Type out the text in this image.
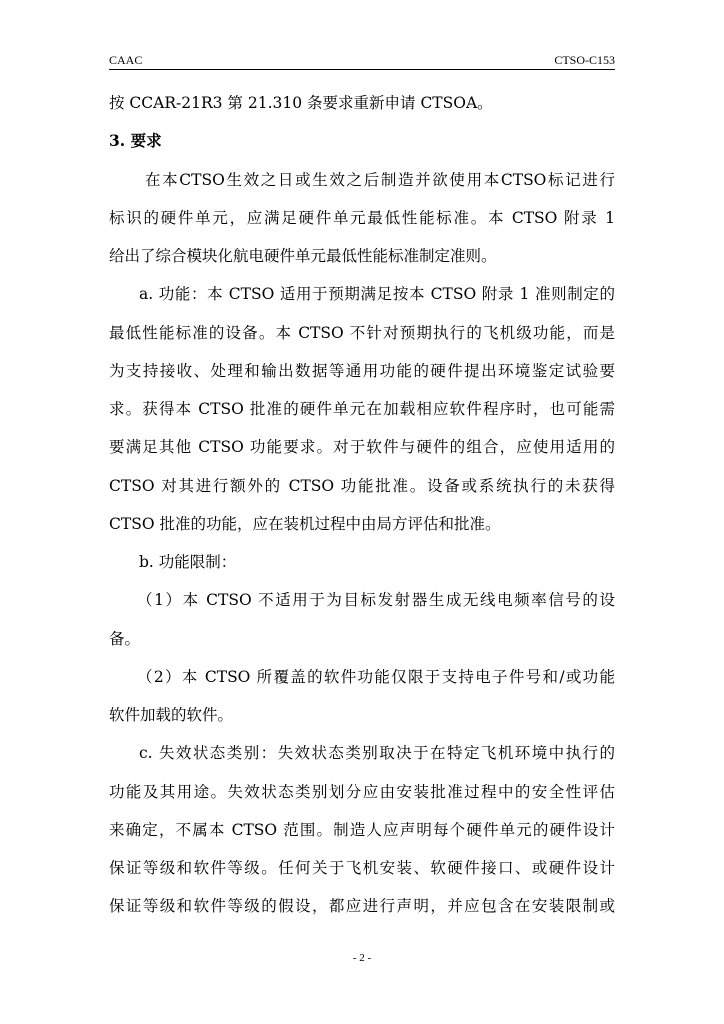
CAAC	CTSO-C153
按 CCAR-21R3 第 21.310 条要求重新申请 CTSOA。
3. 要求
在本CTSO生效之日或生效之后制造并欲使用本CTSO标记进行
标识的硬件单元，应满足硬件单元最低性能标准。本 CTSO 附录 1
给出了综合模块化航电硬件单元最低性能标准制定准则。
a. 功能：本 CTSO 适用于预期满足按本 CTSO 附录 1 准则制定的
最低性能标准的设备。本 CTSO 不针对预期执行的飞机级功能，而是
为支持接收、处理和输出数据等通用功能的硬件提出环境鉴定试验要
求。获得本 CTSO 批准的硬件单元在加载相应软件程序时，也可能需
要满足其他 CTSO 功能要求。对于软件与硬件的组合，应使用适用的
CTSO 对其进行额外的 CTSO 功能批准。设备或系统执行的未获得
CTSO 批准的功能，应在装机过程中由局方评估和批准。
b. 功能限制：
（1）本 CTSO 不适用于为目标发射器生成无线电频率信号的设
备。
（2）本 CTSO 所覆盖的软件功能仅限于支持电子件号和/或功能
软件加载的软件。
c. 失效状态类别：失效状态类别取决于在特定飞机环境中执行的
功能及其用途。失效状态类别划分应由安装批准过程中的安全性评估
来确定，不属本 CTSO 范围。制造人应声明每个硬件单元的硬件设计
保证等级和软件等级。任何关于飞机安装、软硬件接口、或硬件设计
保证等级和软件等级的假设，都应进行声明，并应包含在安装限制或
- 2 -
